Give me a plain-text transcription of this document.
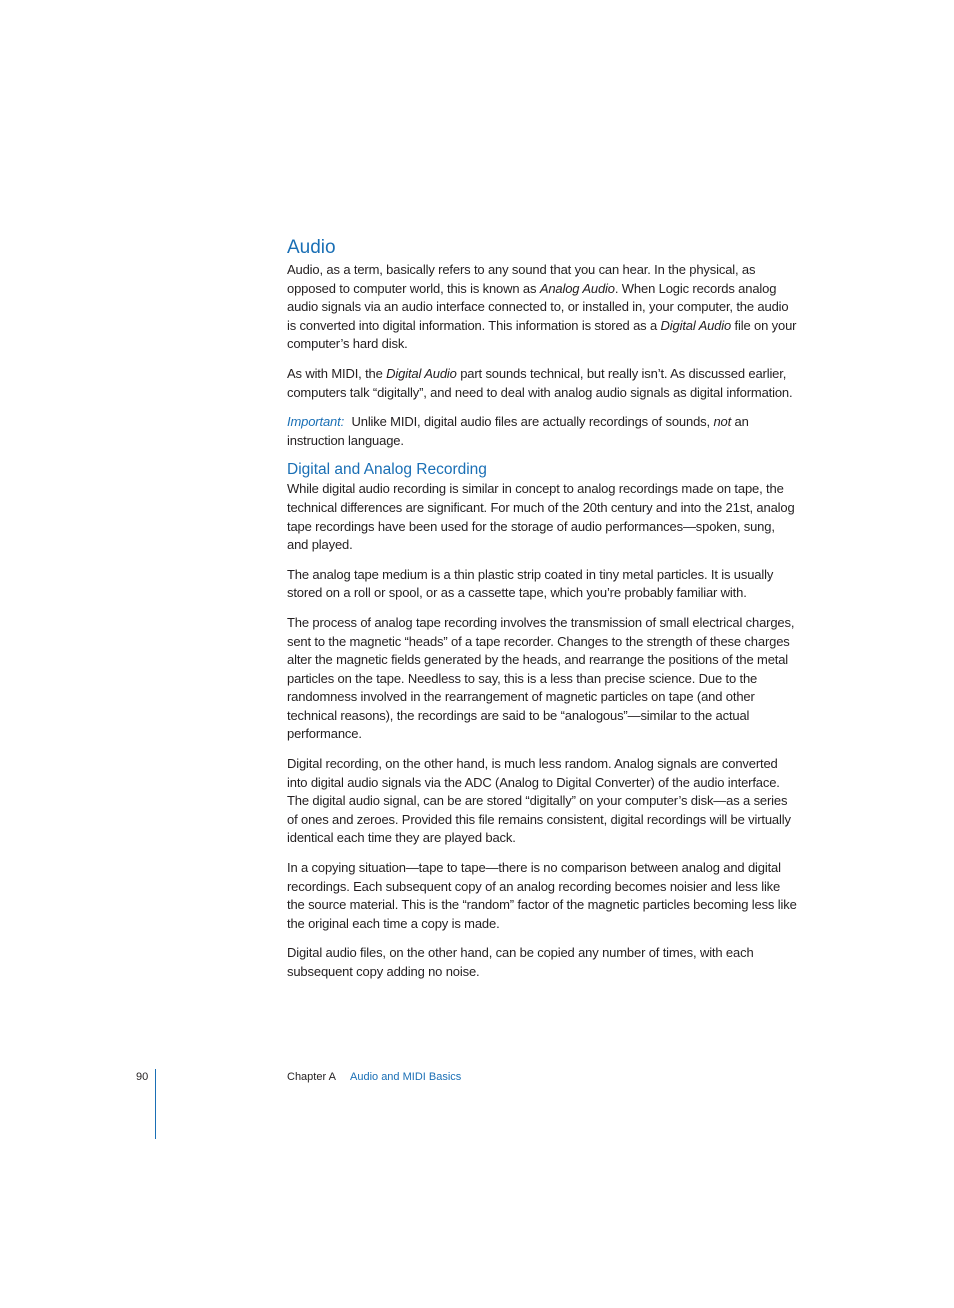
Audio

Audio, as a term, basically refers to any sound that you can hear. In the physical, as opposed to computer world, this is known as Analog Audio. When Logic records analog audio signals via an audio interface connected to, or installed in, your computer, the audio is converted into digital information. This information is stored as a Digital Audio file on your computer’s hard disk.

As with MIDI, the Digital Audio part sounds technical, but really isn’t. As discussed earlier, computers talk “digitally”, and need to deal with analog audio signals as digital information.

Important: Unlike MIDI, digital audio files are actually recordings of sounds, not an instruction language.

Digital and Analog Recording

While digital audio recording is similar in concept to analog recordings made on tape, the technical differences are significant. For much of the 20th century and into the 21st, analog tape recordings have been used for the storage of audio performances—spoken, sung, and played.

The analog tape medium is a thin plastic strip coated in tiny metal particles. It is usually stored on a roll or spool, or as a cassette tape, which you’re probably familiar with.

The process of analog tape recording involves the transmission of small electrical charges, sent to the magnetic “heads” of a tape recorder. Changes to the strength of these charges alter the magnetic fields generated by the heads, and rearrange the positions of the metal particles on the tape. Needless to say, this is a less than precise science. Due to the randomness involved in the rearrangement of magnetic particles on tape (and other technical reasons), the recordings are said to be “analogous”—similar to the actual performance.

Digital recording, on the other hand, is much less random. Analog signals are converted into digital audio signals via the ADC (Analog to Digital Converter) of the audio interface. The digital audio signal, can be are stored “digitally” on your computer’s disk—as a series of ones and zeroes. Provided this file remains consistent, digital recordings will be virtually identical each time they are played back.

In a copying situation—tape to tape—there is no comparison between analog and digital recordings. Each subsequent copy of an analog recording becomes noisier and less like the source material. This is the “random” factor of the magnetic particles becoming less like the original each time a copy is made.

Digital audio files, on the other hand, can be copied any number of times, with each subsequent copy adding no noise.

90	Chapter A Audio and MIDI Basics
